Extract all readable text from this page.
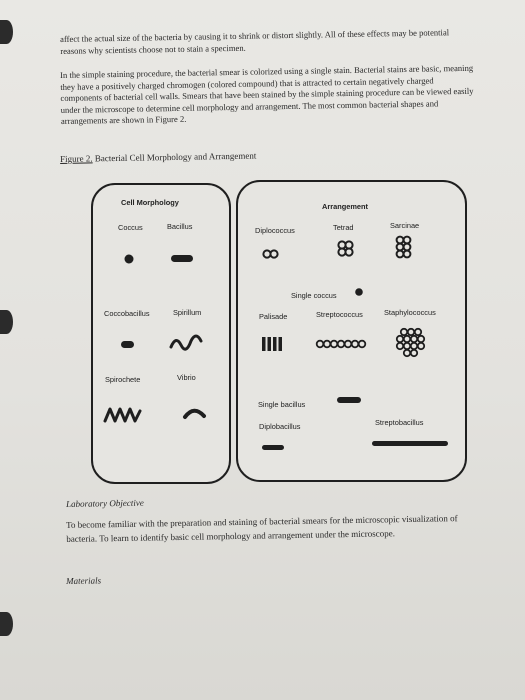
affect the actual size of the bacteria by causing it to shrink or distort slightly. All of these effects may be potential reasons why scientists choose not to stain a specimen.
In the simple staining procedure, the bacterial smear is colorized using a single stain. Bacterial stains are basic, meaning they have a positively charged chromogen (colored compound) that is attracted to certain negatively charged components of bacterial cell walls. Smears that have been stained by the simple staining procedure can be viewed easily under the microscope to determine cell morphology and arrangement. The most common bacterial shapes and arrangements are shown in Figure 2.
Figure 2. Bacterial Cell Morphology and Arrangement
Cell Morphology
Coccus	Bacillus
Coccobacillus	Spirillum
Spirochete	Vibrio
Arrangement
Diplococcus	Tetrad	Sarcinae
Single coccus
Palisade	Streptococcus	Staphylococcus
Single bacillus
Diplobacillus	Streptobacillus
Laboratory Objective
To become familiar with the preparation and staining of bacterial smears for the microscopic visualization of bacteria. To learn to identify basic cell morphology and arrangement under the microscope.
Materials
